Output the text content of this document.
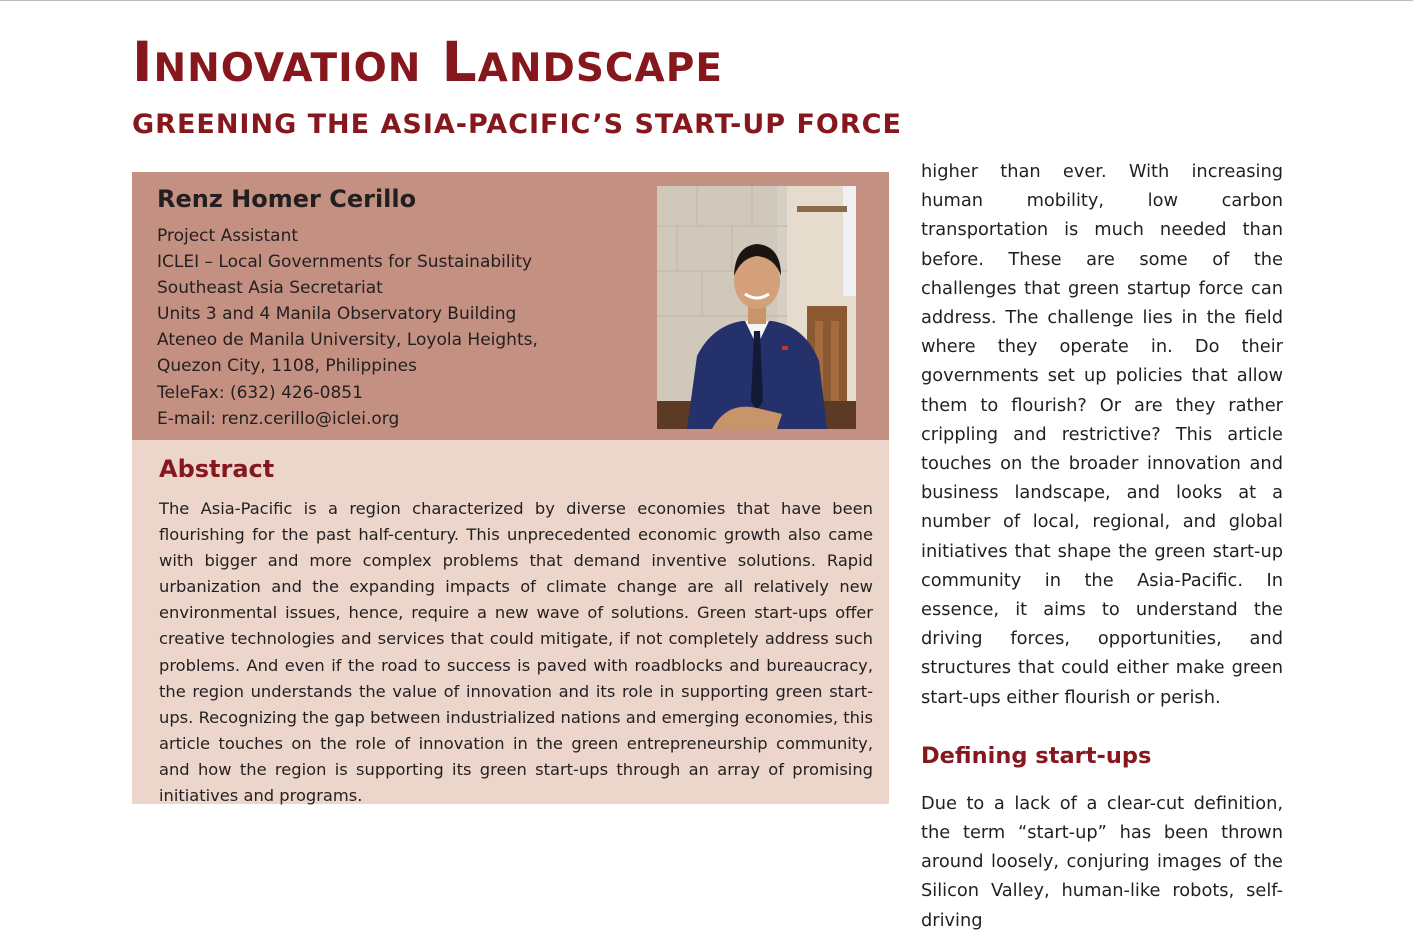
Innovation Landscape
GREENING THE ASIA-PACIFIC’S START-UP FORCE
Renz Homer Cerillo
Project Assistant
ICLEI – Local Governments for Sustainability
Southeast Asia Secretariat
Units 3 and 4 Manila Observatory Building
Ateneo de Manila University, Loyola Heights,
Quezon City, 1108, Philippines
TeleFax: (632) 426-0851
E-mail: renz.cerillo@iclei.org
Abstract

The Asia-Pacific is a region characterized by diverse economies that have been flourishing for the past half-century. This unprecedented economic growth also came with bigger and more complex problems that demand inventive solutions. Rapid urbanization and the expanding impacts of climate change are all relatively new environmental issues, hence, require a new wave of solutions. Green start-ups offer creative technologies and services that could mitigate, if not completely address such problems. And even if the road to success is paved with roadblocks and bureaucracy, the region understands the value of innovation and its role in supporting green start-ups. Recognizing the gap between industrialized nations and emerging economies, this article touches on the role of innovation in the green entrepreneurship community, and how the region is supporting its green start-ups through an array of promising initiatives and programs.

higher than ever. With increasing human mobility, low carbon transportation is much needed than before. These are some of the challenges that green startup force can address. The challenge lies in the field where they operate in. Do their governments set up policies that allow them to flourish? Or are they rather crippling and restrictive? This article touches on the broader innovation and business landscape, and looks at a number of local, regional, and global initiatives that shape the green start-up community in the Asia-Pacific. In essence, it aims to understand the driving forces, opportunities, and structures that could either make green start-ups either flourish or perish.

Defining start-ups

Due to a lack of a clear-cut definition, the term “start-up” has been thrown around loosely, conjuring images of the Silicon Valley, human-like robots, self-driving
